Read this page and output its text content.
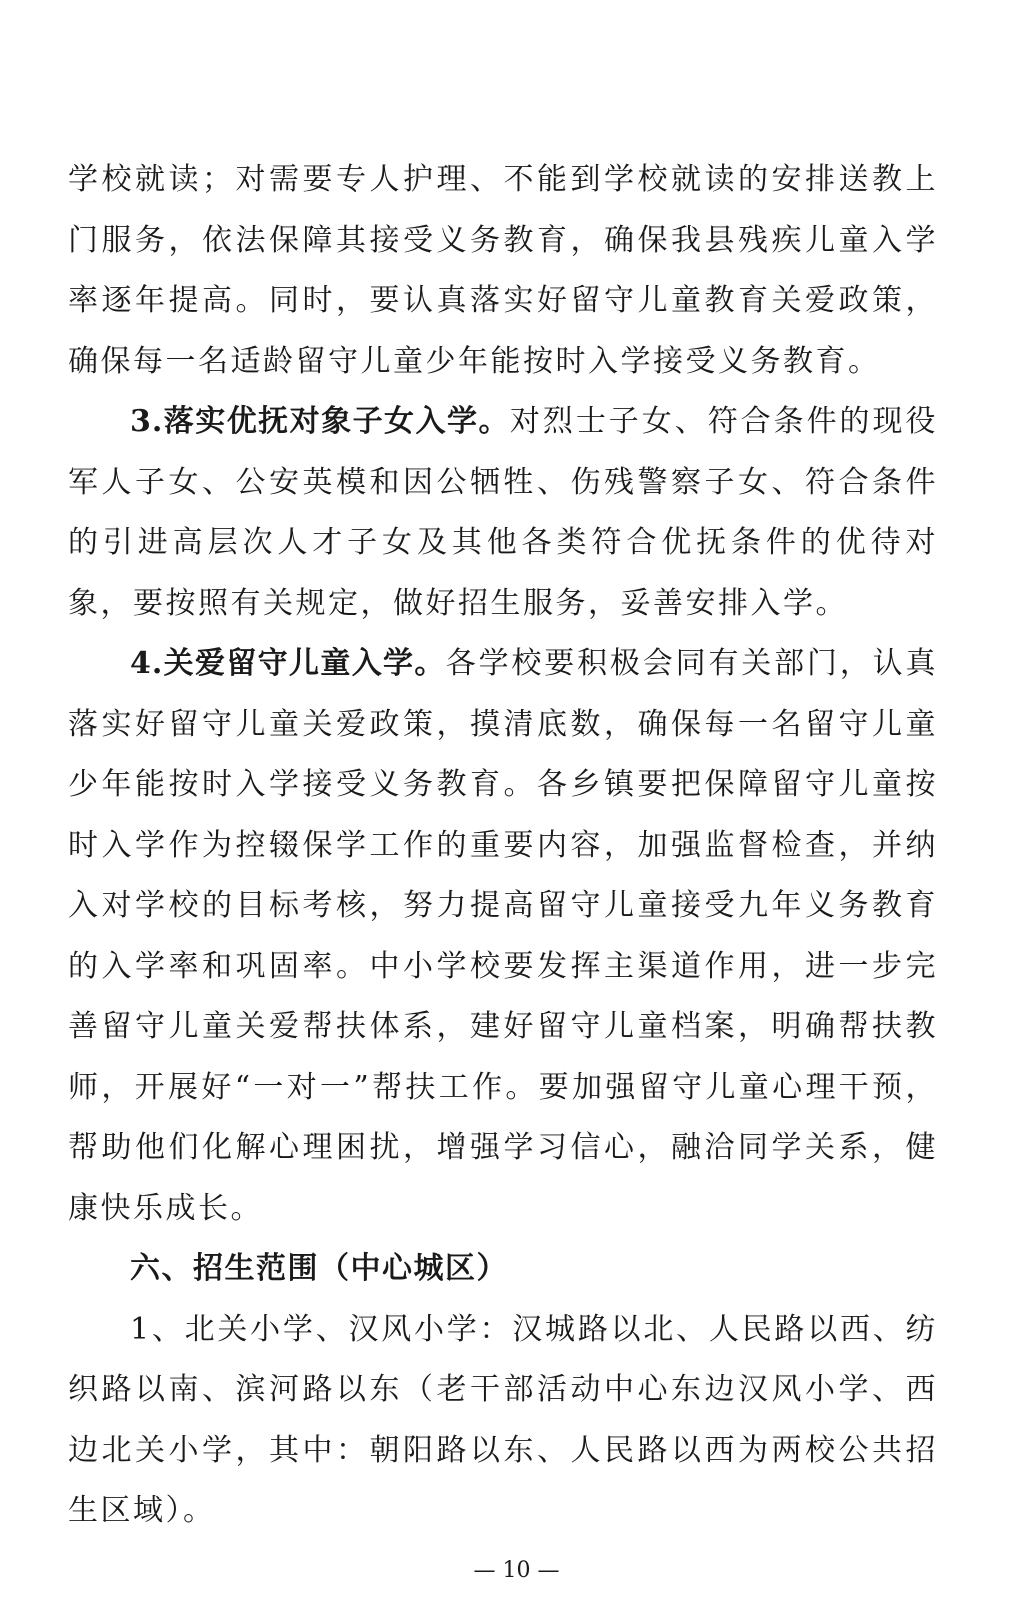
学校就读；对需要专人护理、不能到学校就读的安排送教上门服务，依法保障其接受义务教育，确保我县残疾儿童入学率逐年提高。同时，要认真落实好留守儿童教育关爱政策，确保每一名适龄留守儿童少年能按时入学接受义务教育。

3.落实优抚对象子女入学。对烈士子女、符合条件的现役军人子女、公安英模和因公牺牲、伤残警察子女、符合条件的引进高层次人才子女及其他各类符合优抚条件的优待对象，要按照有关规定，做好招生服务，妥善安排入学。

4.关爱留守儿童入学。各学校要积极会同有关部门，认真落实好留守儿童关爱政策，摸清底数，确保每一名留守儿童少年能按时入学接受义务教育。各乡镇要把保障留守儿童按时入学作为控辍保学工作的重要内容，加强监督检查，并纳入对学校的目标考核，努力提高留守儿童接受九年义务教育的入学率和巩固率。中小学校要发挥主渠道作用，进一步完善留守儿童关爱帮扶体系，建好留守儿童档案，明确帮扶教师，开展好“一对一”帮扶工作。要加强留守儿童心理干预，帮助他们化解心理困扰，增强学习信心，融洽同学关系，健康快乐成长。

六、招生范围（中心城区）

1、北关小学、汉风小学：汉城路以北、人民路以西、纺织路以南、滨河路以东（老干部活动中心东边汉风小学、西边北关小学，其中：朝阳路以东、人民路以西为两校公共招生区域）。

— 10 —
